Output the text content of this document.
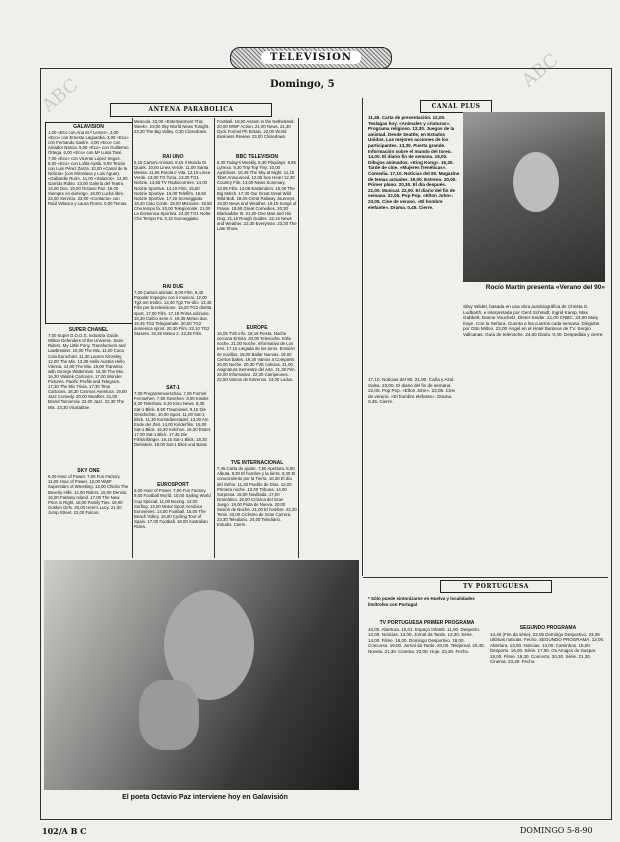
ABC
ABC
TELEVISION
Domingo, 5
ANTENA PARABOLICA	CANAL PLUS

GALAVISION

1,00 «Eco con Ana M.ª Lerner». 2,00 «Eco» con Ernesto Laguardia. 3,00 «Eco» con Fernando Sastre. 4,00 «Eco» con Amador Narcia. 5,00 «Eco» con Guillermo Ortega. 6,00 «Eco» con Mª Luisa Tasé. 7,00 «Eco» con Vicente López Segoe. 8,00 «Eco» con Lolita Ayala. 9,00 Tesión con Luis Pérez Zarza. 10,00 «Canal de la Noticia» (con Miroslava y Luis Aguar). «Gabardie Ruiz». 11,00 «Salazos». 12,00 Garrido Rubio. 13,00 Galería del Teatro. 14,00 Dos. 15,00 Octavio Paz. 16,00 Siempre en domingo. 18,00 Lucha libre. 22,00 Servicio. 23,00 «Contacto» con Raúl Velasco y Laura Flores. 0,00 Temas.

SUPER CHANEL

7,00 Super D.O.O.S. Industria Guide. Wilton Defenders of the Universe. Sara-Riders. My Little Pony. Transformers and Lawbreaker. 10,00 The Mix. 11,00 Coca Cola Eurochart. 11,30 Lauren Kinssley. 12,00 The Mix. 13,30 Hello Austria Hello Vienna. 14,00 The Mix. 15,00 Transmix with George Watterman. 16,30 The Mix. 16,30 Valutek Cartoons. 17,00 Wonder Pictures. Pacific Profile and Telegram. 17,30 The Mix Trivia. 17,30 Time Cartoons. 18,30 Cosmos Aventura. 19,00 Jazz Comedy. 20,00 Weather. 21,00 Brand Tomorrow. 22,00 Jazz. 22,30 The Mix. 23,30 Vicotabbie.

SKY ONE

6,00 Hour of Power. 7,00 Fun Factory. 11,00 Hour of Power. 12,00 WWF Superstars of Wrestling. 13,00 Chicks The Beverly Hills. 14,00 Riders. 15,00 Dennis. 16,00 Fantasy Island. 17,00 The New Price is Right. 18,00 Family Ties. 19,00 Golden Girls. 20,00 Here's Lucy. 21,00 Jump Street. 22,00 Falcon.

Mescola. 22,00 «Entertainment This Week». 23,00 Sky World News Tonight. 23,30 The Big Valley. 0,30 Closedown.

RAI UNO

6,15 Cartoni Animati. 9,15 Il Mondo Di Quark. 10,00 Linea Verde. 11,00 Santa Messa. 11,55 Parola e Vita. 12,15 Linea Verde. 13,00 TG l'Una. 13,30 TG1 Notizie. 13,55 TV Radiocorriere. 14,00 Notizie Sportive. 14,15 Film. 15,50 Notizie Sportive. 16,00 Telefilm. 16,50 Notizie Sportive. 17,20 Sceneggiato. 18,40 Ciao Conte. 19,00 Missione. 19,50 Che tempo fa. 20,00 Telegiornale. 21,00 La Domenica Sportiva. 24,00 TG1 Notte. Che Tempo Fa. 0,10 Sceneggiato.

RAI DUE

7,00 Cartoni animati. 8,00 Film. 9,45 Popular Impegno con il musical. 12,00 Tg2 ore tredici. 13,30 Tg2 Tre-dici. 13,45 Film per la televisione. 15,20 TG2 diretta sport. 17,00 Film. 17,15 Prima edizione. 18,30 Calcio serie A. 19,35 Meteo due. 19,45 TG2 Telegiornale. 20,00 TG2 domenica sprint. 20,30 Film. 22,10 TG2 Stasera. 22,25 Meteo 2. 22,35 Film.

SAT-1

7,00 Programmvorschau. 7,05 Formel Fernsehen. 7,50 Gesehen. 8,00 Kinder. 8,30 Teleshow. 8,30 Kino News. 8,35 Sat-1 Blick. 8,50 Trauminsel. 9,15 Die Geschichte. 10,00 Sport. 11,00 Sat-1 Blick. 11,30 Komödienstadel. 13,30 Am Ende der Zeit. 14,00 Kinderfilm. 15,00 Sat-1 Blick. 15,30 Kolchon. 16,30 Erstet. 17,00 Sat-1 Blick. 17,45 Die Filmanfänger. 18,15 Sat-1 Blick. 18,30 Diebstein. 19,00 Sat-1 Blick und Band.

EUROSPORT

6,00 Hour of Power. 7,00 Fun Factory. 9,00 Football World. 10,00 Sailing World Cup Special. 11,00 Boxing. 12,00 Surfing. 13,00 Motor Sport Aerobics Euroseries. 14,00 Football. 15,00 The Beach Volley. 16,00 Cycling Tour of Spain. 17,00 Football. 18,00 Australian Rules.

Football. 19,00 Assam in the Netherland. 20,00 WWF Action. 21,00 News. 21,30 Dyck Formel Ph Britain. 22,00 World Business Review. 23,00 Closedown.

BBC TELEVISION

6,30 Today's Weekly. 8,30 Playdays. 8,55 Lytrexa. 9,30 Trip Top Tiny. 10,00 Ausblixos. 10,45 The Sky at Night. 11,15 Tibet Announced. 12,05 See Hear! 12,30 Country File. 13,00 News Summary. 13,05 Film. 14,05 Eastenders. 15,00 The Big Match. 17,30 Our Great Great Wild Wild Bob. 18,00 Great Railway Journeys. 19,00 News and Weather. 19,15 Songs of Praise. 19,50 Great Comedies. 20,30 Blackadder III. 21,00 One Man and His Dog. 21,15 Rough Guides. 22,15 News and Weather. 22,30 Everyman. 23,20 The Late Show.

EUROPE

16,05 TVE info. 18,15 Fiesta. Noche cercana Ermita. 20,00 Telenoche. Esta noche. 21,00 Noche. Informativo de Los tres. 17,15 Liegada de los toros. Emisión de novillos. 18,00 Bailar Nuevas. 19,00 Ciertos bailes. 19,30 Vamos a Compartir. 20,00 Noche. 20,30 TVE noticias. 21,00 Asignatura Semestre del Arte. 21,30 Pim. 22,00 Informativo. 22,30 Campeones. 22,50 Vamos de Estrenos. 23,00 Ludus.

TVE INTERNACIONAL

7,45 Carta de ajuste. 7,50 Apertura. 8,00 Albuta. 8,30 El hombre y la tierra. 9,30 El conocimiento por la Tierra. 10,30 El día del Señor. 11,30 Pueblo de Dios. 12,00 Primera noche. 13,30 Tribuna. 14,00 Sorpresa. 15,00 Novillada. 17,00 Dramática. 18,00 Crónica del Gran Juego. 19,00 Pista de Nueva. 20,00 Sesión de Noche. 21,00 El hombre. 22,30 Tenis. 23,00 Ciclismo de Gran Carrera. 23,30 Telediario. 24,00 Telediario. Estudio. Cierre.

11,45. Carta de presentación. 12,00. Teslagas hoy. «Animales y criaturas». Programa religioso. 12,30. Juegos de la amistad. Desde Seattle, en Estados Unidos. Las mejores acciones de los participantes. 13,30. Puerta grande. Información sobre el mundo del toreo. 14,00. El diario fin de semana. 15,00. Dibujos animados. «King Kong». 15,30. Tarde de cine. «Mujeres frenéticas». Comedia. 17,10. Noticias del 90. Magazine de temas actuales. 19,00. Estreno. 20,00. Primer plano. 20,30. El día después. 21,00. Musical. 22,00. El diario del fin de semana. 22,05. Pop Pop. «Elton John». 23,05. Cine de verano. «El hombre elefante». Drama. 0,45. Cierre.

17,10. Noticias del 90. 21,00. Caña y Azul. Salsa. 22,00. El diario del fin de semana. 22,05. Pop Pop. «Elton John». 23,05. Cine de verano. «El hombre elefante». Drama. 0,45. Cierre.

Rocío Martín presenta «Verano del 90»

Silvy Wilder, basada en una obra autobiográfica de Christa G. Ludbarth, e interpretada por Gerd Schmidt, Ingrid Kamp, Max Gabbett, Danne Vouchelz, Dieter Seider. 21,00 CNBC. 23,00 Mary Kaye. Con la Señora. Cuenta a los cuartos cada semana. Dirigidos por Otto Milton. 23,00 Ángel en el Hotel Burdeos de TV. Sergio Vallcanas. Guía de telenoche. 24,00 Diario. 0,40. Despedida y cierre.

El poeta Octavio Paz interviene hoy en Galavisión
TV PORTUGUESA

* Sólo puede sintonizarse en Huelva y localidades limítrofes con Portugal

TV PORTUGUESA PRIMER PROGRAMA

10,00. Abertura. 10,01. Espaço Infantil. 11,00. Desporto. 12,00. Noticias. 13,00. Jornal da Tarde. 13,30. Série. 14,00. Filme. 16,00. Domingo Desportivo. 18,00. Concurso. 19,00. Jornal da Tarde. 20,00. Telejornal. 20,45. Novela. 21,30. Cinema. 23,00. Hoje. 23,30. Fecho.

SEGUNDO PROGRAMA

14,45 (Fim da série). 23,05 Domingo Desportivo. 23,35 Ultimas noticias. Fecho. SEGUNDO PROGRAMA. 12,00. Abertura. 13,00. Noticias. 14,00. Caminhos. 15,00. Desporto. 16,00. Série. 17,00. Os Amigos do Gaspar. 18,00. Filme. 19,30. Concerto. 20,30. Série. 21,30. Cinema. 23,30. Fecho.

102/A B C	DOMINGO 5-8-90
